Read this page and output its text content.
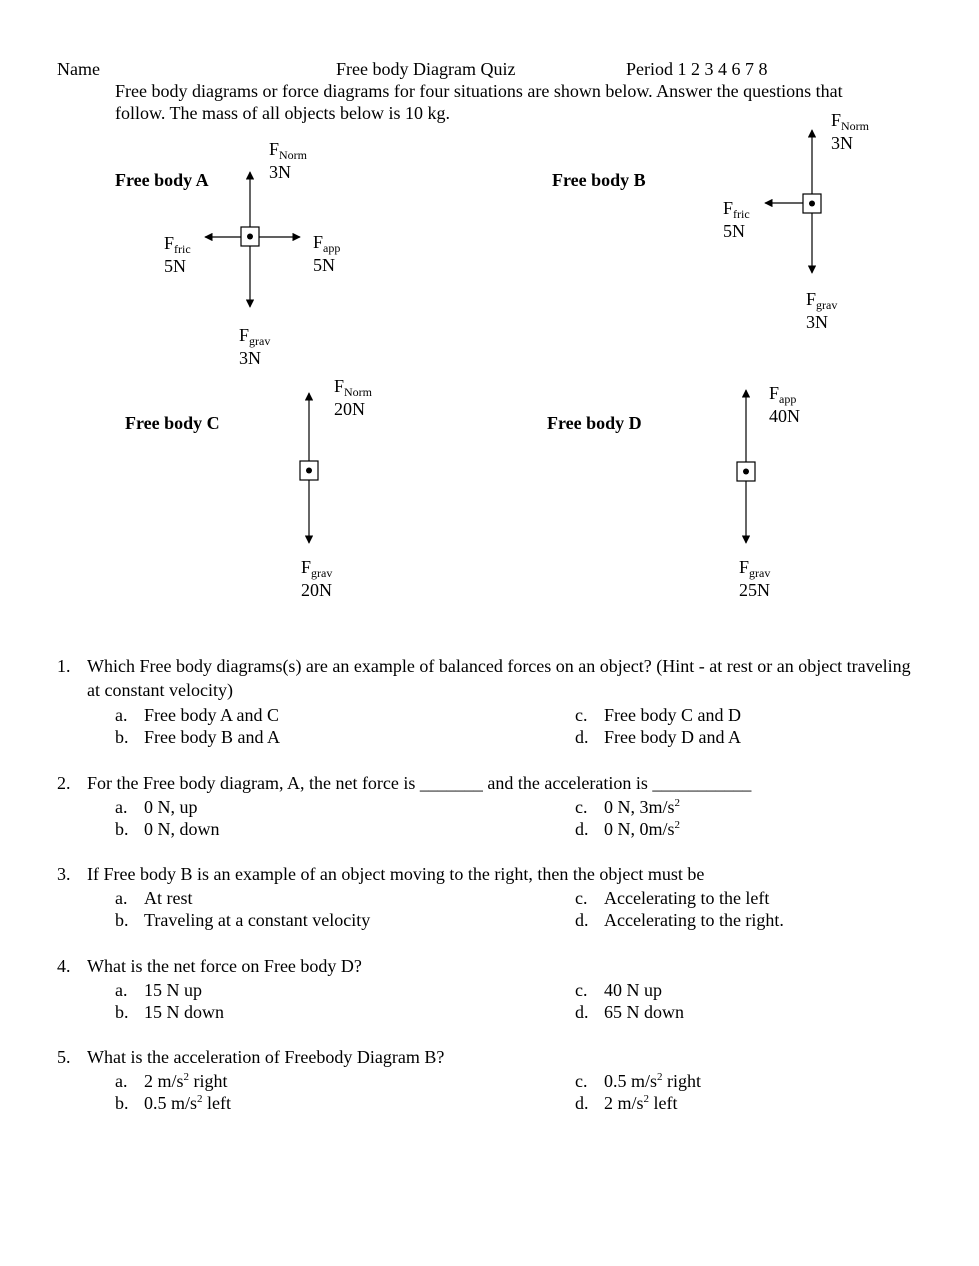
Name	Free body Diagram Quiz	Period 1 2 3 4 6 7 8
Free body diagrams or force diagrams for four situations are shown below. Answer the questions that
follow. The mass of all objects below is 10 kg.
Free body A
$F_{Norm}$
3N
$F_{fric}$
5N
$F_{app}$
5N
$F_{grav}$
3N
Free body B
$F_{Norm}$
3N
$F_{fric}$
5N
$F_{grav}$
3N
Free body C
$F_{Norm}$
20N
$F_{grav}$
20N
Free body D
$F_{app}$
40N
$F_{grav}$
25N
1. Which Free body diagrams(s) are an example of balanced forces on an object? (Hint - at rest or an object traveling at constant velocity)
a. Free body A and C
b. Free body B and A
c. Free body C and D
d. Free body D and A
2. For the Free body diagram, A, the net force is _______ and the acceleration is ___________
a. 0 N, up
b. 0 N, down
c. 0 N, $3m/s^2$
d. 0 N, $0m/s^2$
3. If Free body B is an example of an object moving to the right, then the object must be
a. At rest
b. Traveling at a constant velocity
c. Accelerating to the left
d. Accelerating to the right.
4. What is the net force on Free body D?
a. 15 N up
b. 15 N down
c. 40 N up
d. 65 N down
5. What is the acceleration of Freebody Diagram B?
a. 2 $m/s^2$ right
b. 0.5 $m/s^2$ left
c. 0.5 $m/s^2$ right
d. 2 $m/s^2$ left
